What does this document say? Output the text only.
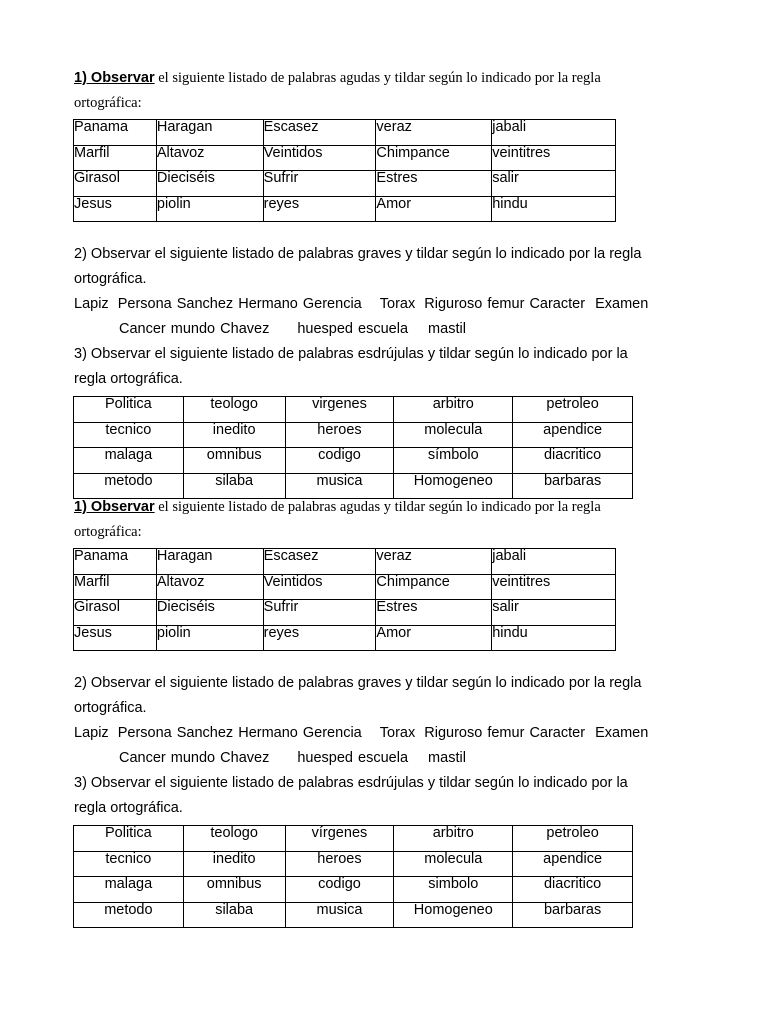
1) Observar el siguiente listado de palabras agudas y tildar según lo indicado por la regla
ortográfica:
Panama	Haragan	Escasez	veraz	jabali
Marfil	Altavoz	Veintidos	Chimpance	veintitres
Girasol	Dieciséis	Sufrir	Estres	salir
Jesus	piolin	reyes	Amor	hindu
2) Observar el siguiente listado de palabras graves y tildar según lo indicado por la regla
ortográfica.
Lapiz Persona Sanchez Hermano Gerencia Torax Riguroso femur Caracter Examen
Cancer mundo Chavez huesped escuela mastil
3) Observar el siguiente listado de palabras esdrújulas y tildar según lo indicado por la
regla ortográfica.
Politica	teologo	virgenes	arbitro	petroleo
tecnico	inedito	heroes	molecula	apendice
malaga	omnibus	codigo	símbolo	diacritico
metodo	silaba	musica	Homogeneo	barbaras
1) Observar el siguiente listado de palabras agudas y tildar según lo indicado por la regla
ortográfica:
Panama	Haragan	Escasez	veraz	jabali
Marfil	Altavoz	Veintidos	Chimpance	veintitres
Girasol	Dieciséis	Sufrir	Estres	salir
Jesus	piolin	reyes	Amor	hindu
2) Observar el siguiente listado de palabras graves y tildar según lo indicado por la regla
ortográfica.
Lapiz Persona Sanchez Hermano Gerencia Torax Riguroso femur Caracter Examen
Cancer mundo Chavez huesped escuela mastil
3) Observar el siguiente listado de palabras esdrújulas y tildar según lo indicado por la
regla ortográfica.
Politica	teologo	vírgenes	arbitro	petroleo
tecnico	inedito	heroes	molecula	apendice
malaga	omnibus	codigo	simbolo	diacritico
metodo	silaba	musica	Homogeneo	barbaras
